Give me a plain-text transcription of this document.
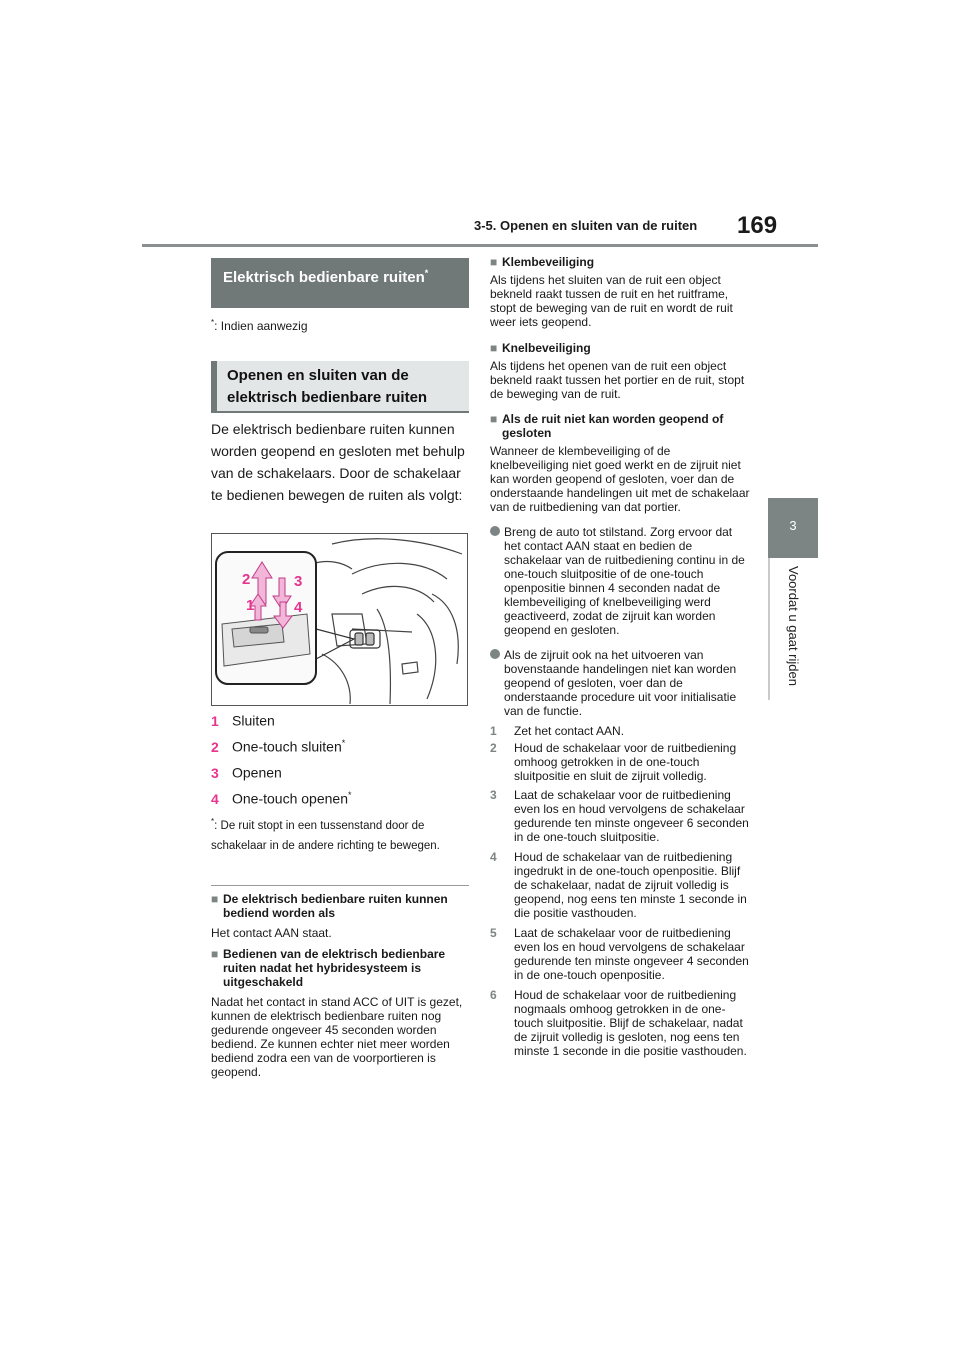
3-5. Openen en sluiten van de ruiten 169
3
Voordat u gaat rijden
Elektrisch bedienbare ruiten*
*: Indien aanwezig
Openen en sluiten van de elektrisch bedienbare ruiten
De elektrisch bedienbare ruiten kunnen worden geopend en gesloten met behulp van de schakelaars. Door de schakelaar te bedienen bewegen de ruiten als volgt:
2	3
1	4
1 Sluiten
2 One-touch sluiten*
3 Openen
4 One-touch openen*
*: De ruit stopt in een tussenstand door de schakelaar in de andere richting te bewegen.
■ De elektrisch bedienbare ruiten kunnen bediend worden als
Het contact AAN staat.
■ Bedienen van de elektrisch bedienbare ruiten nadat het hybridesysteem is uitgeschakeld
Nadat het contact in stand ACC of UIT is gezet, kunnen de elektrisch bedienbare ruiten nog gedurende ongeveer 45 seconden worden bediend. Ze kunnen echter niet meer worden bediend zodra een van de voorportieren is geopend.
■ Klembeveiliging
Als tijdens het sluiten van de ruit een object bekneld raakt tussen de ruit en het ruitframe, stopt de beweging van de ruit en wordt de ruit weer iets geopend.
■ Knelbeveiliging
Als tijdens het openen van de ruit een object bekneld raakt tussen het portier en de ruit, stopt de beweging van de ruit.
■ Als de ruit niet kan worden geopend of gesloten
Wanneer de klembeveiliging of de knelbeveiliging niet goed werkt en de zijruit niet kan worden geopend of gesloten, voer dan de onderstaande handelingen uit met de schakelaar van de ruitbediening van dat portier.
Breng de auto tot stilstand. Zorg ervoor dat het contact AAN staat en bedien de schakelaar van de ruitbediening continu in de one-touch sluitpositie of de one-touch openpositie binnen 4 seconden nadat de klembeveiliging of knelbeveiliging werd geactiveerd, zodat de zijruit kan worden geopend en gesloten.
Als de zijruit ook na het uitvoeren van bovenstaande handelingen niet kan worden geopend of gesloten, voer dan de onderstaande procedure uit voor initialisatie van de functie.
1 Zet het contact AAN.
2 Houd de schakelaar voor de ruitbediening omhoog getrokken in de one-touch sluitpositie en sluit de zijruit volledig.
3 Laat de schakelaar voor de ruitbediening even los en houd vervolgens de schakelaar gedurende ten minste ongeveer 6 seconden in de one-touch sluitpositie.
4 Houd de schakelaar van de ruitbediening ingedrukt in de one-touch openpositie. Blijf de schakelaar, nadat de zijruit volledig is geopend, nog eens ten minste 1 seconde in die positie vasthouden.
5 Laat de schakelaar voor de ruitbediening even los en houd vervolgens de schakelaar gedurende ten minste ongeveer 4 seconden in de one-touch openpositie.
6 Houd de schakelaar voor de ruitbediening nogmaals omhoog getrokken in de one-touch sluitpositie. Blijf de schakelaar, nadat de zijruit volledig is gesloten, nog eens ten minste 1 seconde in die positie vasthouden.
